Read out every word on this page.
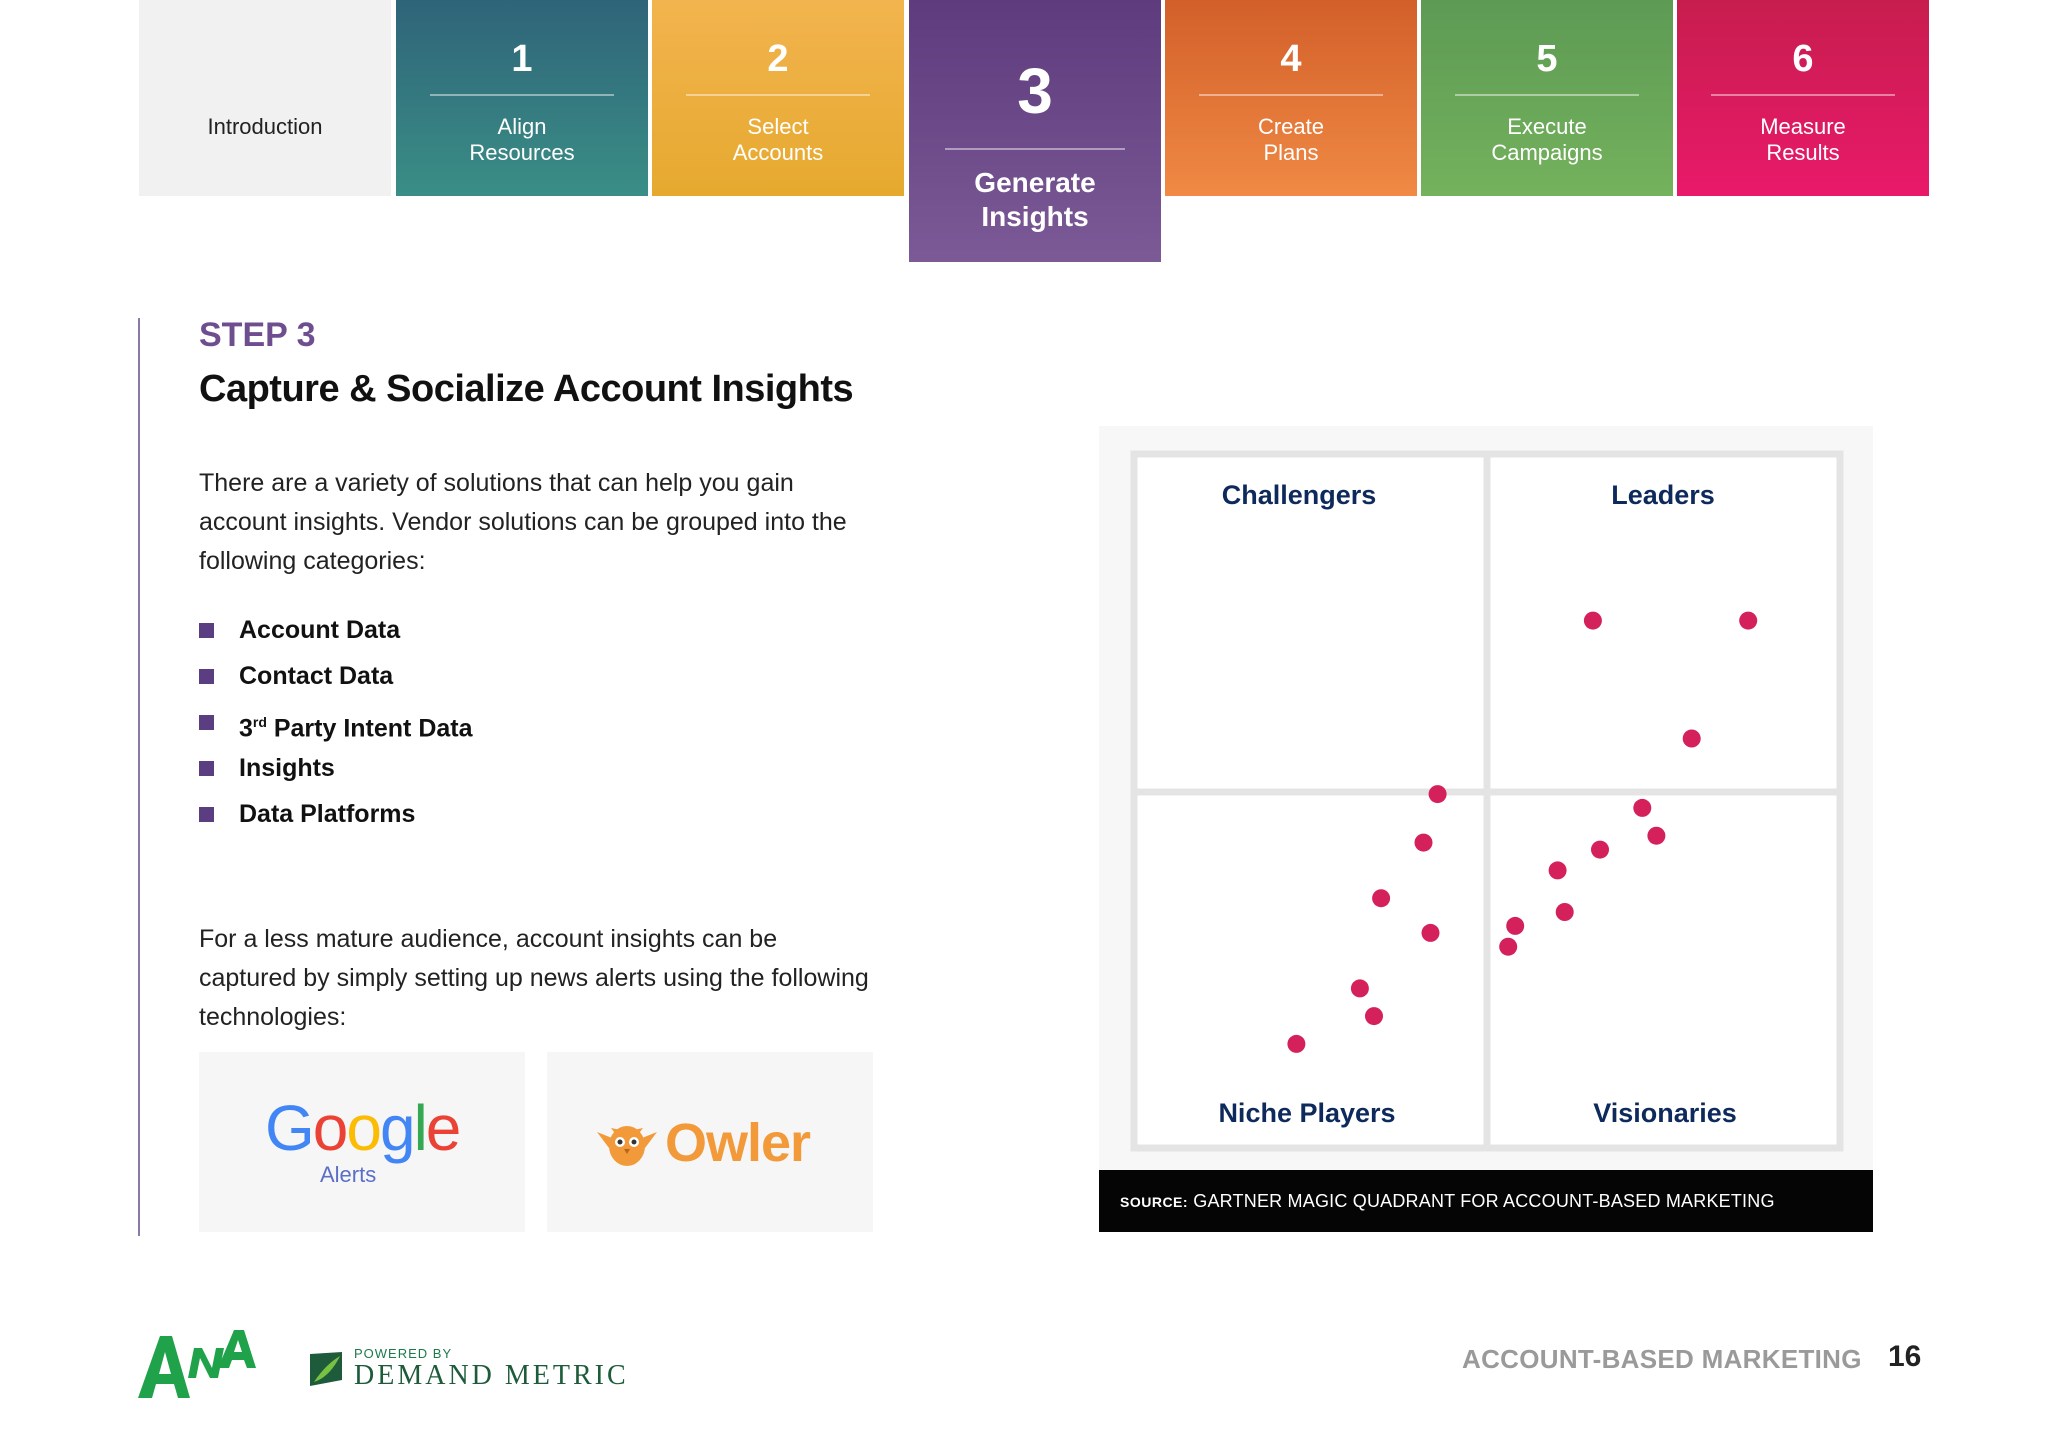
Introduction
1
Align
Resources
2
Select
Accounts
3
Generate
Insights
4
Create
Plans
5
Execute
Campaigns
6
Measure
Results
STEP 3
Capture & Socialize Account Insights

There are a variety of solutions that can help you gain account insights. Vendor solutions can be grouped into the following categories:

Account Data
Contact Data
3rd Party Intent Data
Insights
Data Platforms

For a less mature audience, account insights can be captured by simply setting up news alerts using the following technologies:

Google
Alerts
Owler
Challengers	Leaders
Niche Players	Visionaries
SOURCE: GARTNER MAGIC QUADRANT FOR ACCOUNT-BASED MARKETING
ANA
POWERED BY
DEMAND METRIC
ACCOUNT-BASED MARKETING 16
